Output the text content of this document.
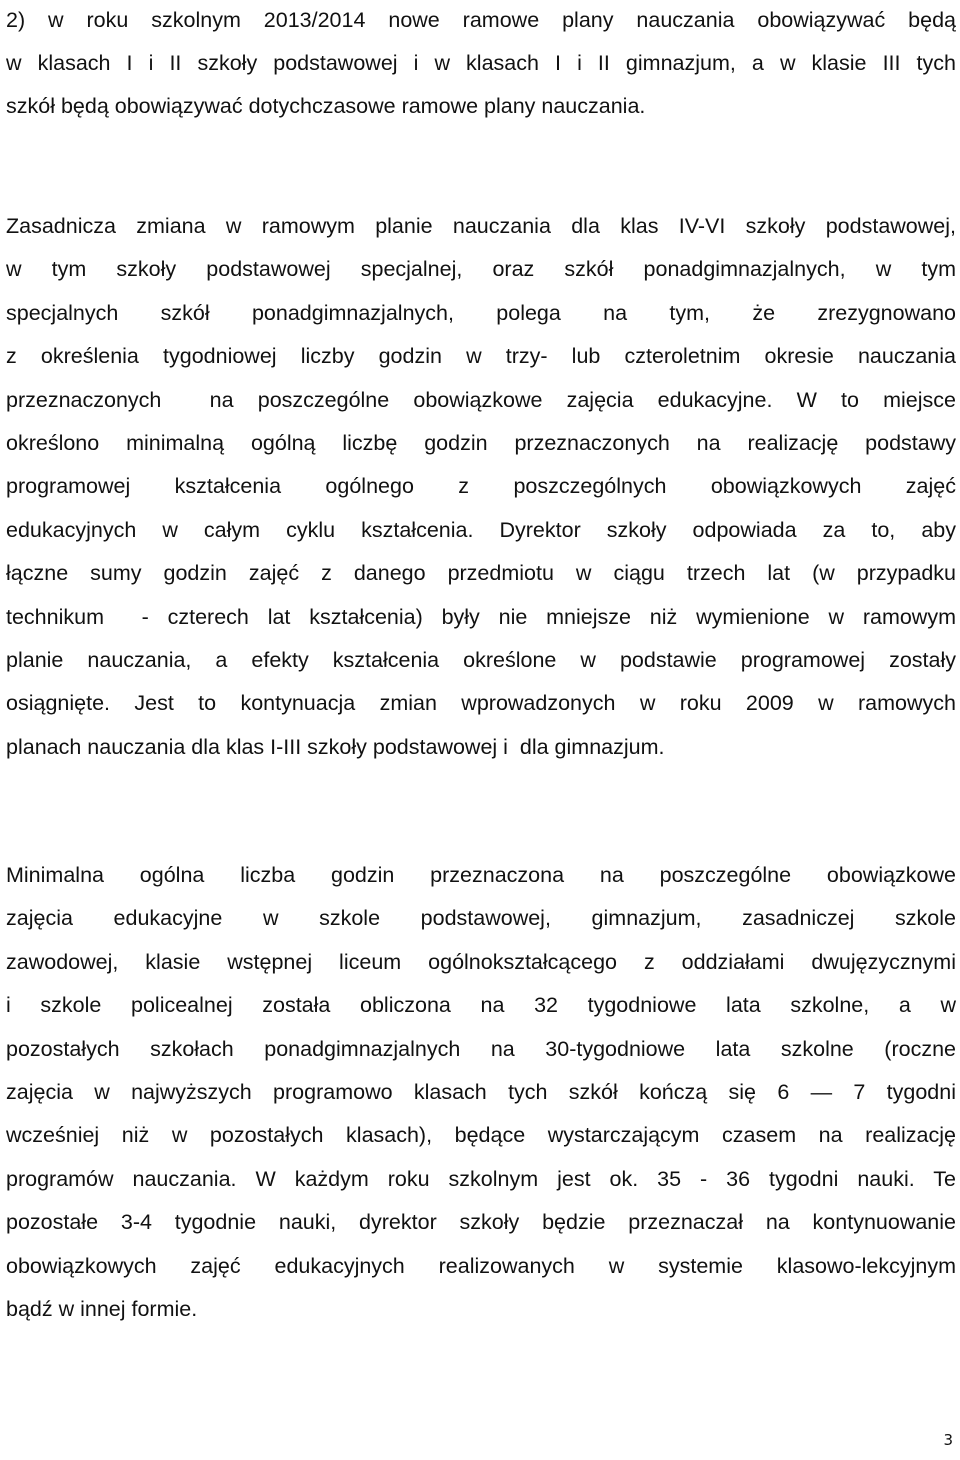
2) w roku szkolnym 2013/2014 nowe ramowe plany nauczania obowiązywać będą
w klasach I i II szkoły podstawowej i w klasach I i II gimnazjum, a w klasie III tych
szkół będą obowiązywać dotychczasowe ramowe plany nauczania.
Zasadnicza zmiana w ramowym planie nauczania dla klas IV-VI szkoły podstawowej,
w tym szkoły podstawowej specjalnej, oraz szkół ponadgimnazjalnych, w tym
specjalnych szkół ponadgimnazjalnych, polega na tym, że zrezygnowano
z określenia tygodniowej liczby godzin w trzy- lub czteroletnim okresie nauczania
przeznaczonych  na poszczególne obowiązkowe zajęcia edukacyjne. W to miejsce
określono minimalną ogólną liczbę godzin przeznaczonych na realizację podstawy
programowej kształcenia ogólnego z poszczególnych obowiązkowych zajęć
edukacyjnych w całym cyklu kształcenia. Dyrektor szkoły odpowiada za to, aby
łączne sumy godzin zajęć z danego przedmiotu w ciągu trzech lat (w przypadku
technikum  - czterech lat kształcenia) były nie mniejsze niż wymienione w ramowym
planie nauczania, a efekty kształcenia określone w podstawie programowej zostały
osiągnięte. Jest to kontynuacja zmian wprowadzonych w roku 2009 w ramowych
planach nauczania dla klas I-III szkoły podstawowej i  dla gimnazjum.
Minimalna ogólna liczba godzin przeznaczona na poszczególne obowiązkowe
zajęcia edukacyjne w szkole podstawowej, gimnazjum, zasadniczej szkole
zawodowej, klasie wstępnej liceum ogólnokształcącego z oddziałami dwujęzycznymi
i szkole policealnej została obliczona na 32 tygodniowe lata szkolne, a w
pozostałych szkołach ponadgimnazjalnych na 30-tygodniowe lata szkolne (roczne
zajęcia w najwyższych programowo klasach tych szkół kończą się 6 — 7 tygodni
wcześniej niż w pozostałych klasach), będące wystarczającym czasem na realizację
programów nauczania. W każdym roku szkolnym jest ok. 35 - 36 tygodni nauki. Te
pozostałe 3-4 tygodnie nauki, dyrektor szkoły będzie przeznaczał na kontynuowanie
obowiązkowych zajęć edukacyjnych realizowanych w systemie klasowo-lekcyjnym
bądź w innej formie.
3
